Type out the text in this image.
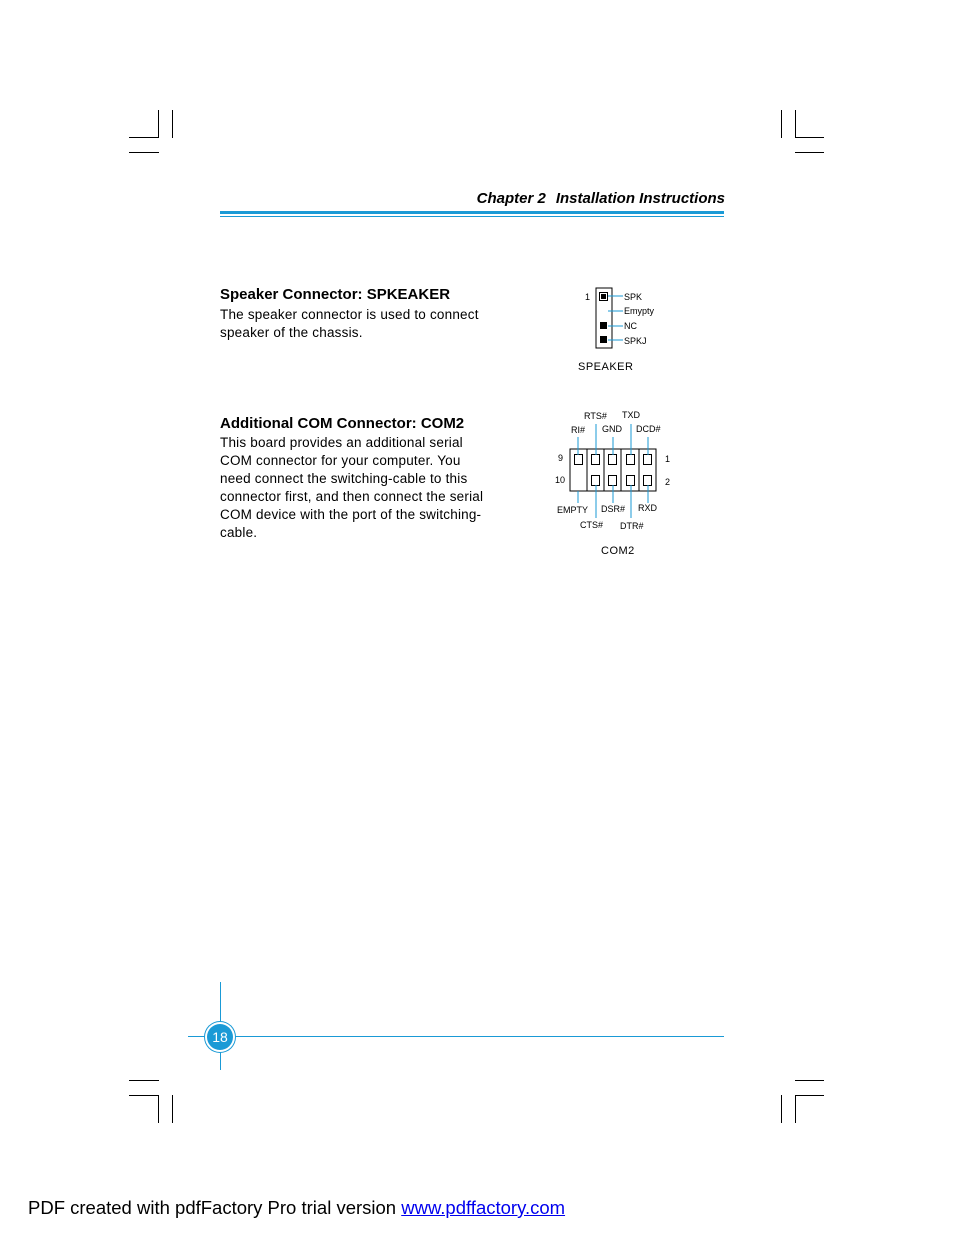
Chapter 2 Installation Instructions
Speaker Connector: SPKEAKER
The speaker connector is used to connect
speaker of the chassis.
1	SPK
Emypty
NC
SPKJ
SPEAKER
Additional COM Connector: COM2
This board provides an additional serial
COM connector for your computer. You
need connect the switching-cable to this
connector first, and then connect the serial
COM device with the port of the switching-
cable.
9
10
1
2
RTS# TXD
RI# GND DCD#
EMPTY
CTS#
DSR# RXD
DTR#
COM2
18
PDF created with pdfFactory Pro trial version www.pdffactory.com
